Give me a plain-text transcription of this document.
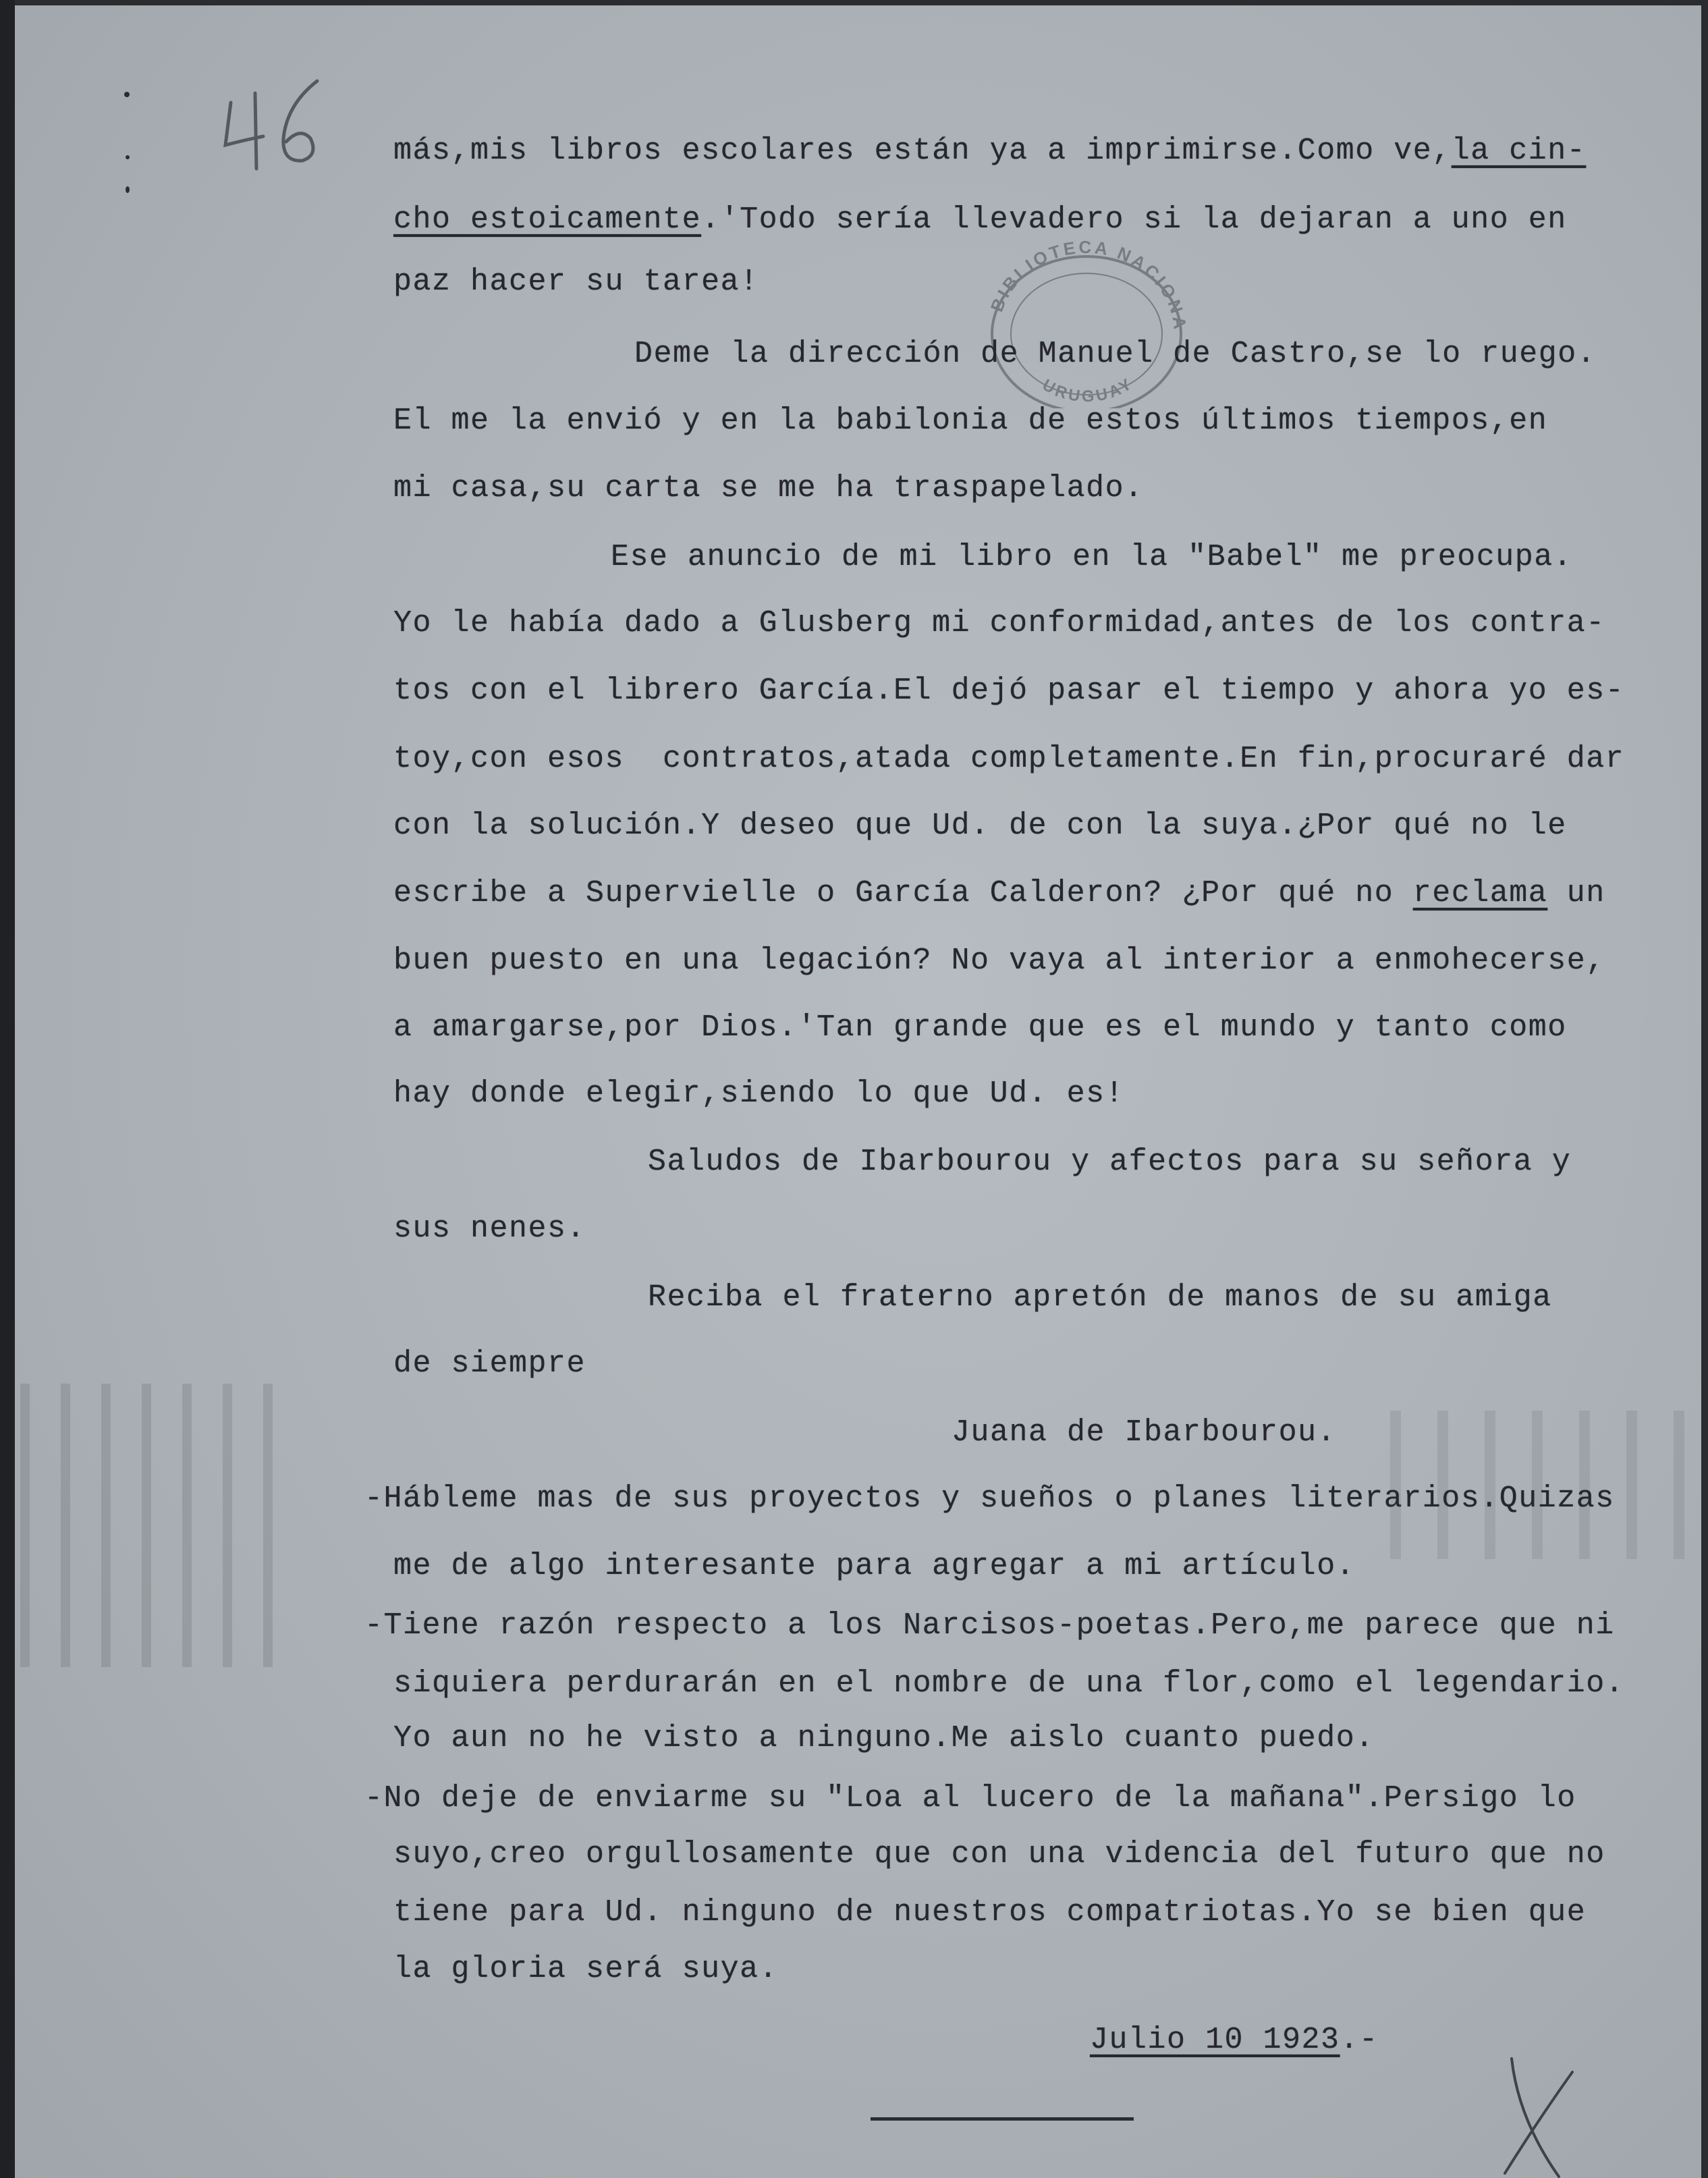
BIBLIOTECA NACIONA
URUGUAY

más,mis libros escolares están ya a imprimirse.Como ve,la cin-

cho estoicamente.'Todo sería llevadero si la dejaran a uno en

paz hacer su tarea!

Deme la dirección de Manuel de Castro,se lo ruego.

El me la envió y en la babilonia de estos últimos tiempos,en

mi casa,su carta se me ha traspapelado.

Ese anuncio de mi libro en la "Babel" me preocupa.

Yo le había dado a Glusberg mi conformidad,antes de los contra-

tos con el librero García.El dejó pasar el tiempo y ahora yo es-

toy,con esos  contratos,atada completamente.En fin,procuraré dar

con la solución.Y deseo que Ud. de con la suya.¿Por qué no le

escribe a Supervielle o García Calderon? ¿Por qué no reclama un

buen puesto en una legación? No vaya al interior a enmohecerse,

a amargarse,por Dios.'Tan grande que es el mundo y tanto como

hay donde elegir,siendo lo que Ud. es!

Saludos de Ibarbourou y afectos para su señora y

sus nenes.

Reciba el fraterno apretón de manos de su amiga

de siempre

Juana de Ibarbourou.

-Hábleme mas de sus proyectos y sueños o planes literarios.Quizas

me de algo interesante para agregar a mi artículo.

-Tiene razón respecto a los Narcisos-poetas.Pero,me parece que ni

siquiera perdurarán en el nombre de una flor,como el legendario.

Yo aun no he visto a ninguno.Me aislo cuanto puedo.

-No deje de enviarme su "Loa al lucero de la mañana".Persigo lo

suyo,creo orgullosamente que con una videncia del futuro que no

tiene para Ud. ninguno de nuestros compatriotas.Yo se bien que

la gloria será suya.

Julio 10 1923.-
